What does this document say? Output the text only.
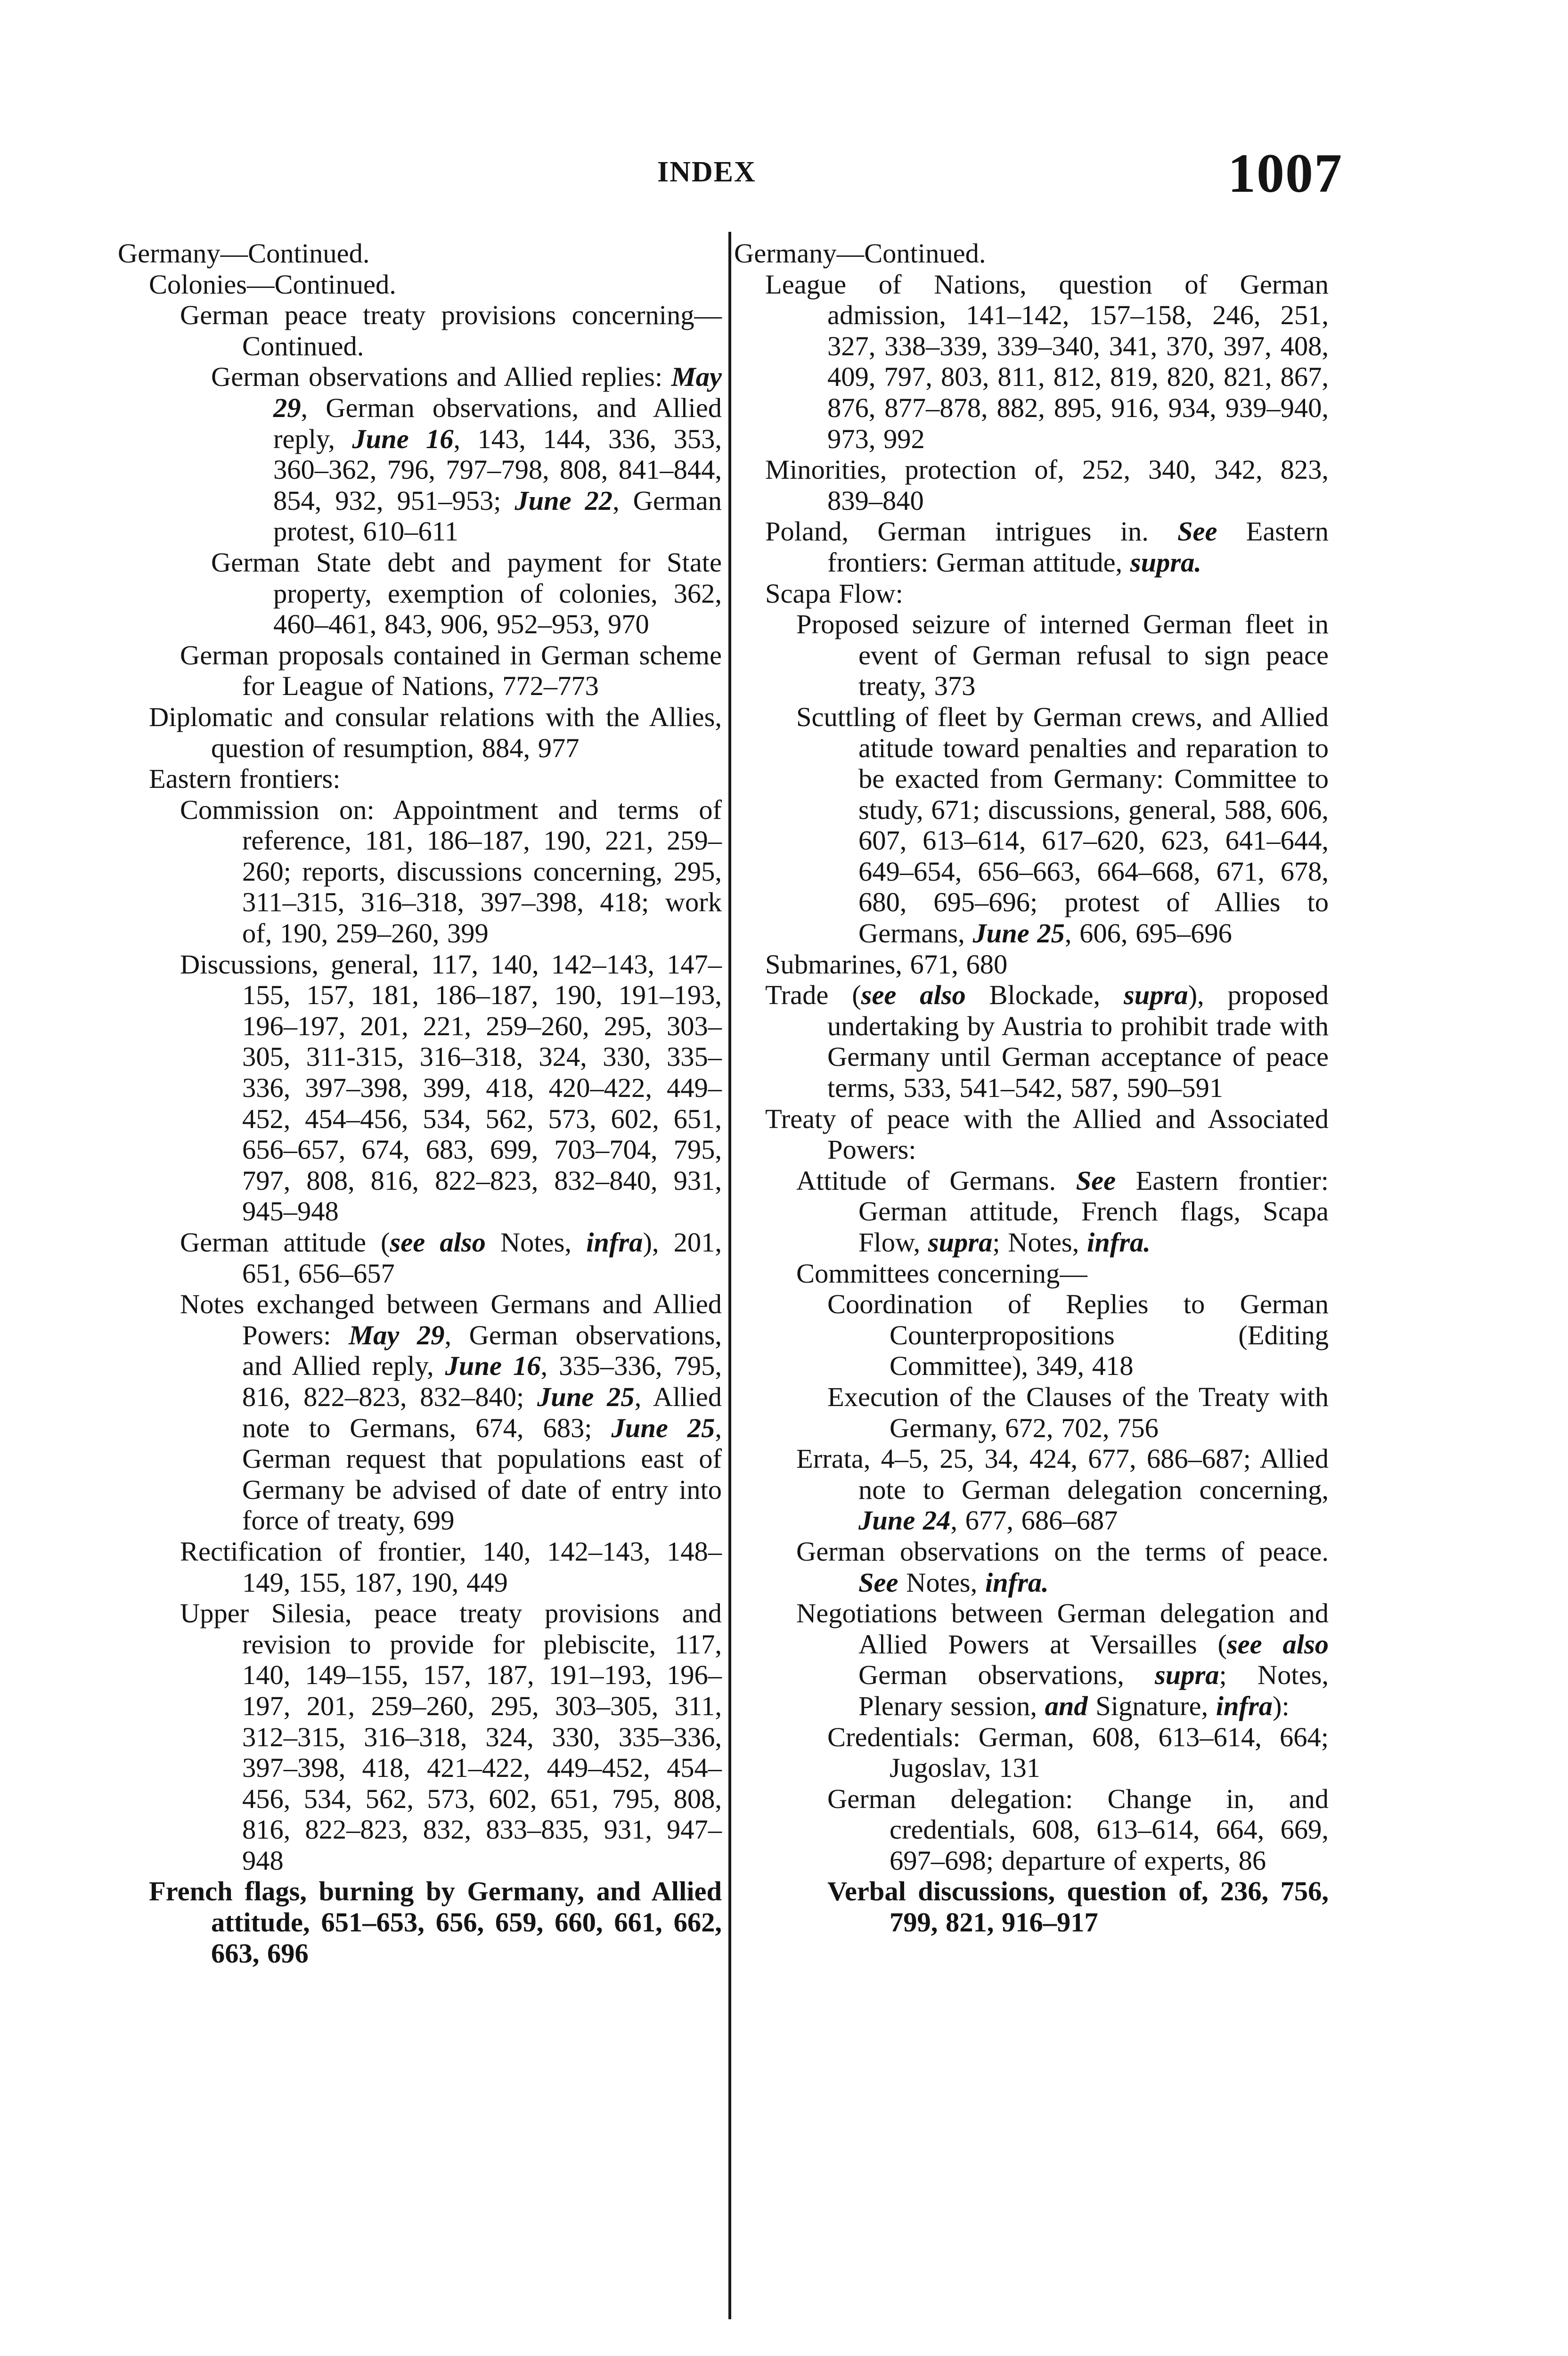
INDEX	1007

Germany—Continued.

Colonies—Continued.

German peace treaty provisions concerning—Continued.

German observations and Allied replies: May 29, German observations, and Allied reply, June 16, 143, 144, 336, 353, 360–362, 796, 797–798, 808, 841–844, 854, 932, 951–953; June 22, German protest, 610–611

German State debt and payment for State property, exemption of colonies, 362, 460–461, 843, 906, 952–953, 970

German proposals contained in German scheme for League of Nations, 772–773

Diplomatic and consular relations with the Allies, question of resumption, 884, 977

Eastern frontiers:

Commission on: Appointment and terms of reference, 181, 186–187, 190, 221, 259–260; reports, discussions concerning, 295, 311–315, 316–318, 397–398, 418; work of, 190, 259–260, 399

Discussions, general, 117, 140, 142–143, 147–155, 157, 181, 186–187, 190, 191–193, 196–197, 201, 221, 259–260, 295, 303–305, 311-315, 316–318, 324, 330, 335–336, 397–398, 399, 418, 420–422, 449–452, 454–456, 534, 562, 573, 602, 651, 656–657, 674, 683, 699, 703–704, 795, 797, 808, 816, 822–823, 832–840, 931, 945–948

German attitude (see also Notes, infra), 201, 651, 656–657

Notes exchanged between Germans and Allied Powers: May 29, German observations, and Allied reply, June 16, 335–336, 795, 816, 822–823, 832–840; June 25, Allied note to Germans, 674, 683; June 25, German request that populations east of Germany be advised of date of entry into force of treaty, 699

Rectification of frontier, 140, 142–143, 148–149, 155, 187, 190, 449

Upper Silesia, peace treaty provisions and revision to provide for plebiscite, 117, 140, 149–155, 157, 187, 191–193, 196–197, 201, 259–260, 295, 303–305, 311, 312–315, 316–318, 324, 330, 335–336, 397–398, 418, 421–422, 449–452, 454–456, 534, 562, 573, 602, 651, 795, 808, 816, 822–823, 832, 833–835, 931, 947–948

French flags, burning by Germany, and Allied attitude, 651–653, 656, 659, 660, 661, 662, 663, 696

Germany—Continued.

League of Nations, question of German admission, 141–142, 157–158, 246, 251, 327, 338–339, 339–340, 341, 370, 397, 408, 409, 797, 803, 811, 812, 819, 820, 821, 867, 876, 877–878, 882, 895, 916, 934, 939–940, 973, 992

Minorities, protection of, 252, 340, 342, 823, 839–840

Poland, German intrigues in. See Eastern frontiers: German attitude, supra.

Scapa Flow:

Proposed seizure of interned German fleet in event of German refusal to sign peace treaty, 373

Scuttling of fleet by German crews, and Allied atitude toward penalties and reparation to be exacted from Germany: Committee to study, 671; discussions, general, 588, 606, 607, 613–614, 617–620, 623, 641–644, 649–654, 656–663, 664–668, 671, 678, 680, 695–696; protest of Allies to Germans, June 25, 606, 695–696

Submarines, 671, 680

Trade (see also Blockade, supra), proposed undertaking by Austria to prohibit trade with Germany until German acceptance of peace terms, 533, 541–542, 587, 590–591

Treaty of peace with the Allied and Associated Powers:

Attitude of Germans. See Eastern frontier: German attitude, French flags, Scapa Flow, supra; Notes, infra.

Committees concerning—

Coordination of Replies to German Counterpropositions (Editing Committee), 349, 418

Execution of the Clauses of the Treaty with Germany, 672, 702, 756

Errata, 4–5, 25, 34, 424, 677, 686–687; Allied note to German delegation concerning, June 24, 677, 686–687

German observations on the terms of peace. See Notes, infra.

Negotiations between German delegation and Allied Powers at Versailles (see also German observations, supra; Notes, Plenary session, and Signature, infra):

Credentials: German, 608, 613–614, 664; Jugoslav, 131

German delegation: Change in, and credentials, 608, 613–614, 664, 669, 697–698; departure of experts, 86

Verbal discussions, question of, 236, 756, 799, 821, 916–917
